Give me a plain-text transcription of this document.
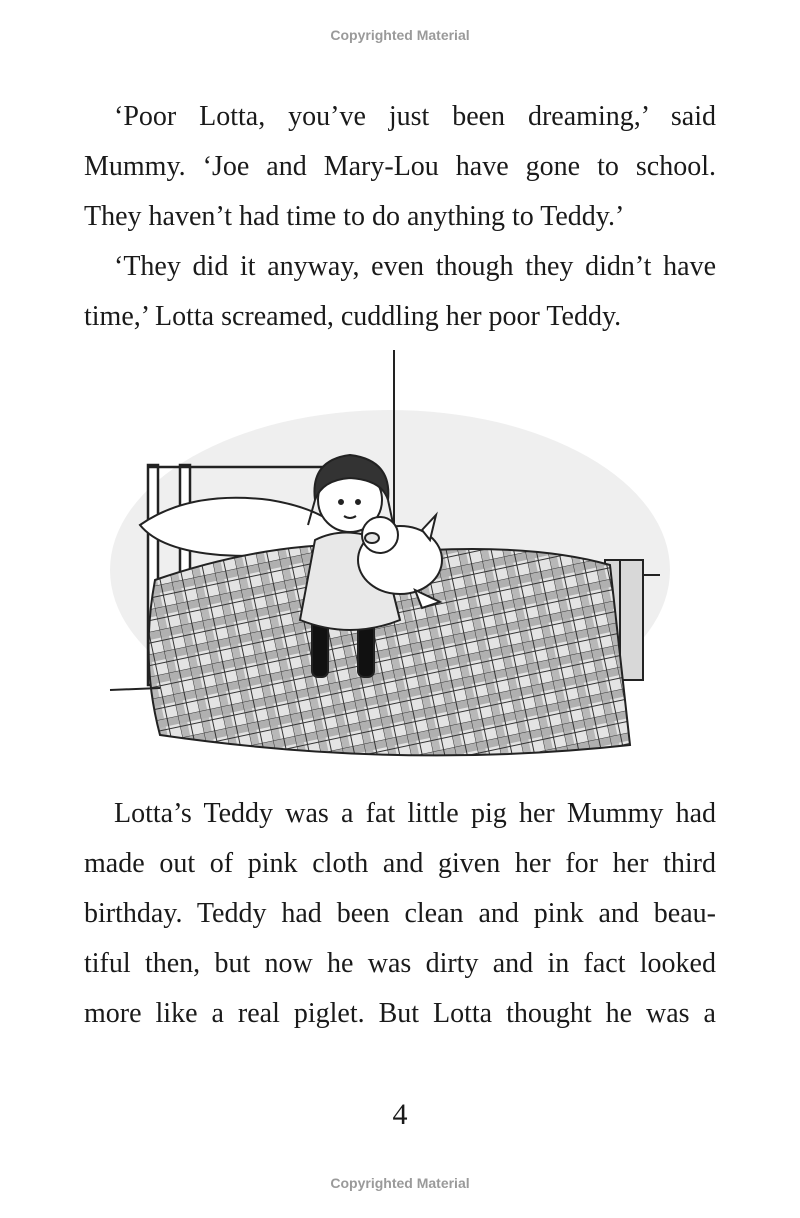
Copyrighted Material
‘Poor Lotta, you’ve just been dreaming,’ said
Mummy. ‘Joe and Mary-Lou have gone to school.
They haven’t had time to do anything to Teddy.’
‘They did it anyway, even though they didn’t have
time,’ Lotta screamed, cuddling her poor Teddy.
Lotta’s Teddy was a fat little pig her Mummy had
made out of pink cloth and given her for her third
birthday. Teddy had been clean and pink and beau-
tiful then, but now he was dirty and in fact looked
more like a real piglet. But Lotta thought he was a
4
Copyrighted Material
